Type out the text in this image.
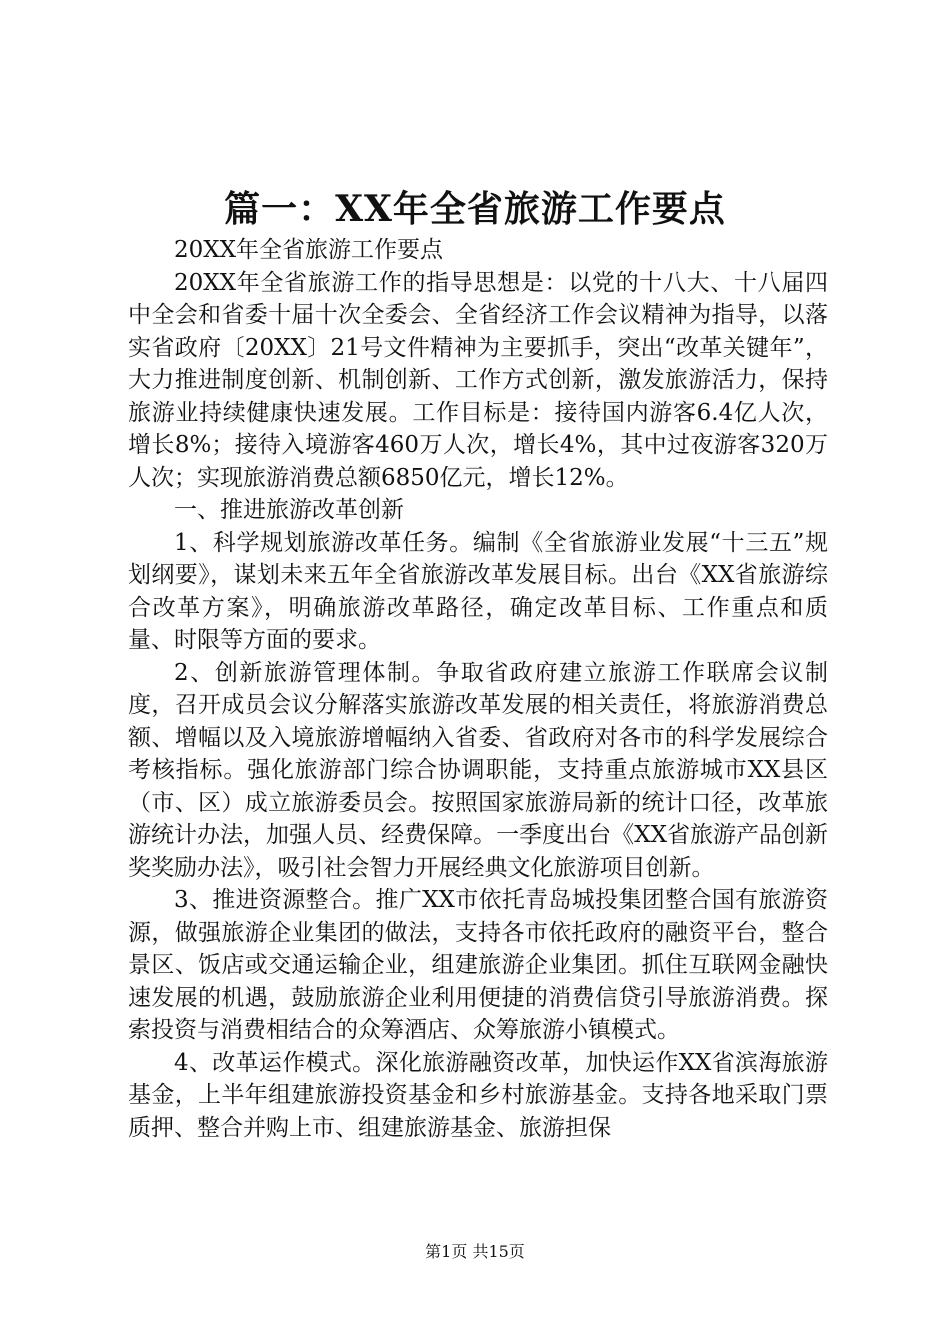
篇一：XX年全省旅游工作要点

20XX年全省旅游工作要点

20XX年全省旅游工作的指导思想是：以党的十八大、十八届四中全会和省委十届十次全委会、全省经济工作会议精神为指导，以落实省政府〔20XX〕21号文件精神为主要抓手，突出“改革关键年”，大力推进制度创新、机制创新、工作方式创新，激发旅游活力，保持旅游业持续健康快速发展。工作目标是：接待国内游客6.4亿人次，增长8%；接待入境游客460万人次，增长4%，其中过夜游客320万人次；实现旅游消费总额6850亿元，增长12%。

一、推进旅游改革创新

1、科学规划旅游改革任务。编制《全省旅游业发展“十三五”规划纲要》，谋划未来五年全省旅游改革发展目标。出台《XX省旅游综合改革方案》，明确旅游改革路径，确定改革目标、工作重点和质量、时限等方面的要求。

2、创新旅游管理体制。争取省政府建立旅游工作联席会议制度，召开成员会议分解落实旅游改革发展的相关责任，将旅游消费总额、增幅以及入境旅游增幅纳入省委、省政府对各市的科学发展综合考核指标。强化旅游部门综合协调职能，支持重点旅游城市XX县区（市、区）成立旅游委员会。按照国家旅游局新的统计口径，改革旅游统计办法，加强人员、经费保障。一季度出台《XX省旅游产品创新奖奖励办法》，吸引社会智力开展经典文化旅游项目创新。

3、推进资源整合。推广XX市依托青岛城投集团整合国有旅游资源，做强旅游企业集团的做法，支持各市依托政府的融资平台，整合景区、饭店或交通运输企业，组建旅游企业集团。抓住互联网金融快速发展的机遇，鼓励旅游企业利用便捷的消费信贷引导旅游消费。探索投资与消费相结合的众筹酒店、众筹旅游小镇模式。

4、改革运作模式。深化旅游融资改革，加快运作XX省滨海旅游基金，上半年组建旅游投资基金和乡村旅游基金。支持各地采取门票质押、整合并购上市、组建旅游基金、旅游担保

第1页 共15页
